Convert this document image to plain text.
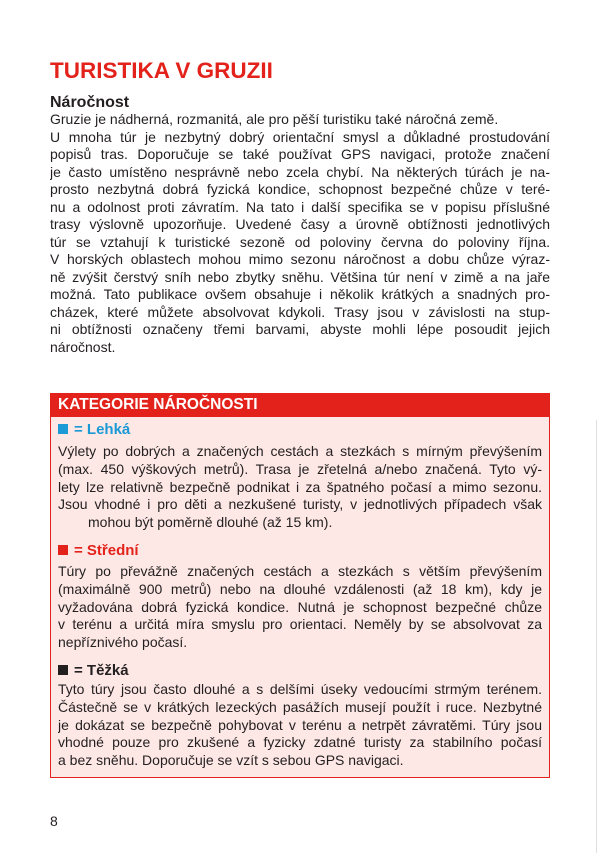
TURISTIKA V GRUZII
Náročnost
Gruzie je nádherná, rozmanitá, ale pro pěší turistiku také náročná země.
U mnoha túr je nezbytný dobrý orientační smysl a důkladné prostudování
popisů tras. Doporučuje se také používat GPS navigaci, protože značení
je často umístěno nesprávně nebo zcela chybí. Na některých túrách je na-
prosto nezbytná dobrá fyzická kondice, schopnost bezpečné chůze v teré-
nu a odolnost proti závratím. Na tato i další specifika se v popisu příslušné
trasy výslovně upozorňuje. Uvedené časy a úrovně obtížnosti jednotlivých
túr se vztahují k turistické sezoně od poloviny června do poloviny října.
V horských oblastech mohou mimo sezonu náročnost a dobu chůze výraz-
ně zvýšit čerstvý sníh nebo zbytky sněhu. Většina túr není v zimě a na jaře
možná. Tato publikace ovšem obsahuje i několik krátkých a snadných pro-
cházek, které můžete absolvovat kdykoli. Trasy jsou v závislosti na stup-
ni obtížnosti označeny třemi barvami, abyste mohli lépe posoudit jejich
náročnost.
KATEGORIE NÁROČNOSTI
= Lehká
Výlety po dobrých a značených cestách a stezkách s mírným převýšením
(max. 450 výškových metrů). Trasa je zřetelná a/nebo značená. Tyto vý-
lety lze relativně bezpečně podnikat i za špatného počasí a mimo sezonu.
Jsou vhodné i pro děti a nezkušené turisty, v jednotlivých případech však
mohou být poměrně dlouhé (až 15 km).
= Střední
Túry po převážně značených cestách a stezkách s větším převýšením
(maximálně 900 metrů) nebo na dlouhé vzdálenosti (až 18 km), kdy je
vyžadována dobrá fyzická kondice. Nutná je schopnost bezpečné chůze
v terénu a určitá míra smyslu pro orientaci. Neměly by se absolvovat za
nepříznivého počasí.
= Těžká
Tyto túry jsou často dlouhé a s delšími úseky vedoucími strmým terénem.
Částečně se v krátkých lezeckých pasážích musejí použít i ruce. Nezbytné
je dokázat se bezpečně pohybovat v terénu a netrpět závratěmi. Túry jsou
vhodné pouze pro zkušené a fyzicky zdatné turisty za stabilního počasí
a bez sněhu. Doporučuje se vzít s sebou GPS navigaci.
8
